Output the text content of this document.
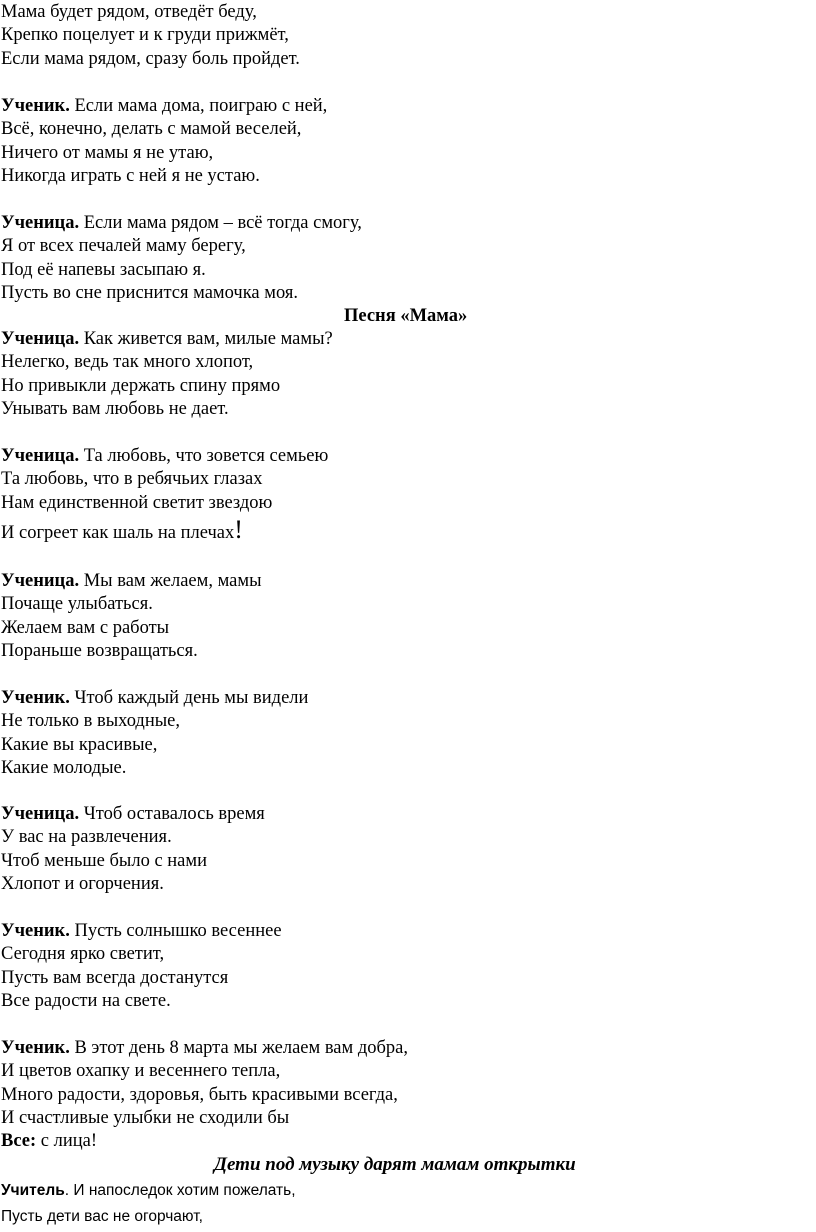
Мама будет рядом, отведёт беду,
Крепко поцелует и к груди прижмёт,
Если мама рядом, сразу боль пройдет.
Ученик. Если мама дома, поиграю с ней,
Всё, конечно, делать с мамой веселей,
Ничего от мамы я не утаю,
Никогда играть с ней я не устаю.
Ученица. Если мама рядом – всё тогда смогу,
Я от всех печалей маму берегу,
Под её напевы засыпаю я.
Пусть во сне приснится мамочка моя.
Песня «Мама»
Ученица. Как живется вам, милые мамы?
Нелегко, ведь так много хлопот,
Но привыкли держать спину прямо
Унывать вам любовь не дает.
Ученица. Та любовь, что зовется семьею
Та любовь, что в ребячьих глазах
Нам единственной светит звездою
И согреет как шаль на плечах!
Ученица. Мы вам желаем, мамы
Почаще улыбаться.
Желаем вам с работы
Пораньше возвращаться.
Ученик. Чтоб каждый день мы видели
Не только в выходные,
Какие вы красивые,
Какие молодые.
Ученица. Чтоб оставалось время
У вас на развлечения.
Чтоб меньше было с нами
Хлопот и огорчения.
Ученик. Пусть солнышко весеннее
Сегодня ярко светит,
Пусть вам всегда достанутся
Все радости на свете.
Ученик. В этот день 8 марта мы желаем вам добра,
И цветов охапку и весеннего тепла,
Много радости, здоровья, быть красивыми всегда,
И счастливые улыбки не сходили бы
Все: с лица!
Дети под музыку дарят мамам открытки
Учитель. И напоследок хотим пожелать,
Пусть дети вас не огорчают,
